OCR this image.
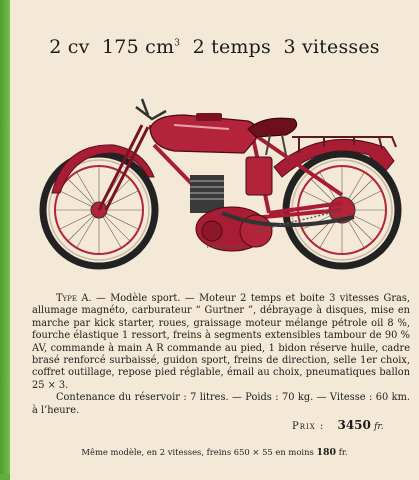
2 cv 175 $cm^3$ 2 temps 3 vitesses
Y. LINOT 1928

Type A. — Modèle sport. — Moteur 2 temps et boite 3 vitesses Gras, allumage magnéto, carburateur “ Gurtner ”, débrayage à disques, mise en marche par kick starter, roues, graissage moteur mélange pétrole oil 8 %, fourche élastique 1 ressort, freins à segments extensibles tambour de 90 % AV, commande à main A R commande au pied, 1 bidon réserve huile, cadre brasé renforcé surbaissé, guidon sport, freins de direction, selle 1er choix, coffret outillage, repose pied réglable, émail au choix, pneumatiques ballon 25 × 3.

Contenance du réservoir : 7 litres. — Poids : 70 kg. — Vitesse : 60 km. à l’heure.

Prix : 3450 fr.
Même modèle, en 2 vitesses, freins 650 × 55 en moins 180 fr.
